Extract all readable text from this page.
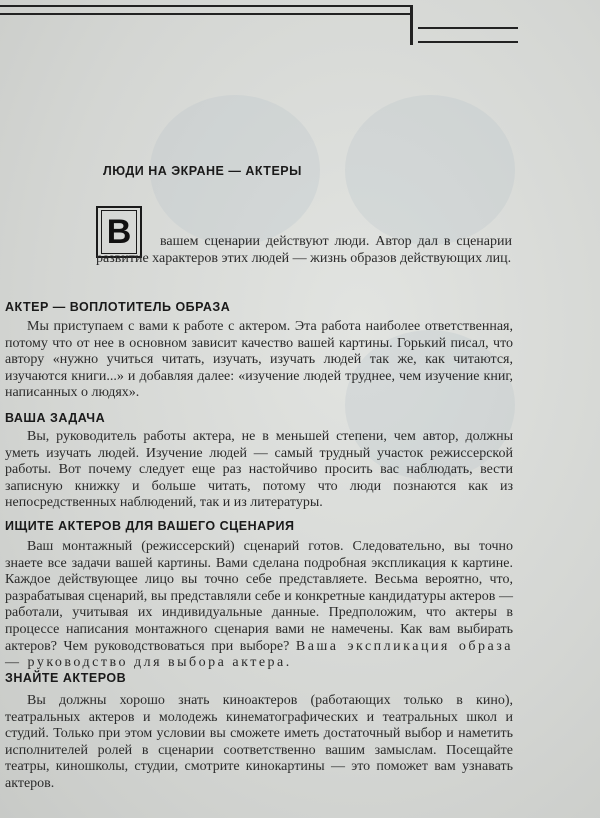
ЛЮДИ НА ЭКРАНЕ — АКТЕРЫ
В	вашем сценарии действуют люди. Автор дал в сценарии развитие характеров этих людей — жизнь образов действующих лиц.

АКТЕР — ВОПЛОТИТЕЛЬ ОБРАЗА

Мы приступаем с вами к работе с актером. Эта работа наиболее ответственная, потому что от нее в основном зависит качество вашей картины. Горький писал, что автору «нужно учиться читать, изучать, изучать людей так же, как читаются, изучаются книги...» и добавляя далее: «изучение людей труднее, чем изучение книг, написанных о людях».

ВАША ЗАДАЧА

Вы, руководитель работы актера, не в меньшей степени, чем автор, должны уметь изучать людей. Изучение людей — самый трудный участок режиссерской работы. Вот почему следует еще раз настойчиво просить вас наблюдать, вести записную книжку и больше читать, потому что люди познаются как из непосредственных наблюдений, так и из литературы.

ИЩИТЕ АКТЕРОВ ДЛЯ ВАШЕГО СЦЕНАРИЯ

Ваш монтажный (режиссерский) сценарий готов. Следовательно, вы точно знаете все задачи вашей картины. Вами сделана подробная экспликация к картине. Каждое действующее лицо вы точно себе представляете. Весьма вероятно, что, разрабатывая сценарий, вы представляли себе и конкретные кандидатуры актеров — работали, учитывая их индивидуальные данные. Предположим, что актеры в процессе написания монтажного сценария вами не намечены. Как вам выбирать актеров? Чем руководствоваться при выборе? Ваша экспликация образа — руководство для выбора актера.

ЗНАЙТЕ АКТЕРОВ

Вы должны хорошо знать киноактеров (работающих только в кино), театральных актеров и молодежь кинематографических и театральных школ и студий. Только при этом условии вы сможете иметь достаточный выбор и наметить исполнителей ролей в сценарии соответственно вашим замыслам. Посещайте театры, киношколы, студии, смотрите кинокартины — это поможет вам узнавать актеров.
